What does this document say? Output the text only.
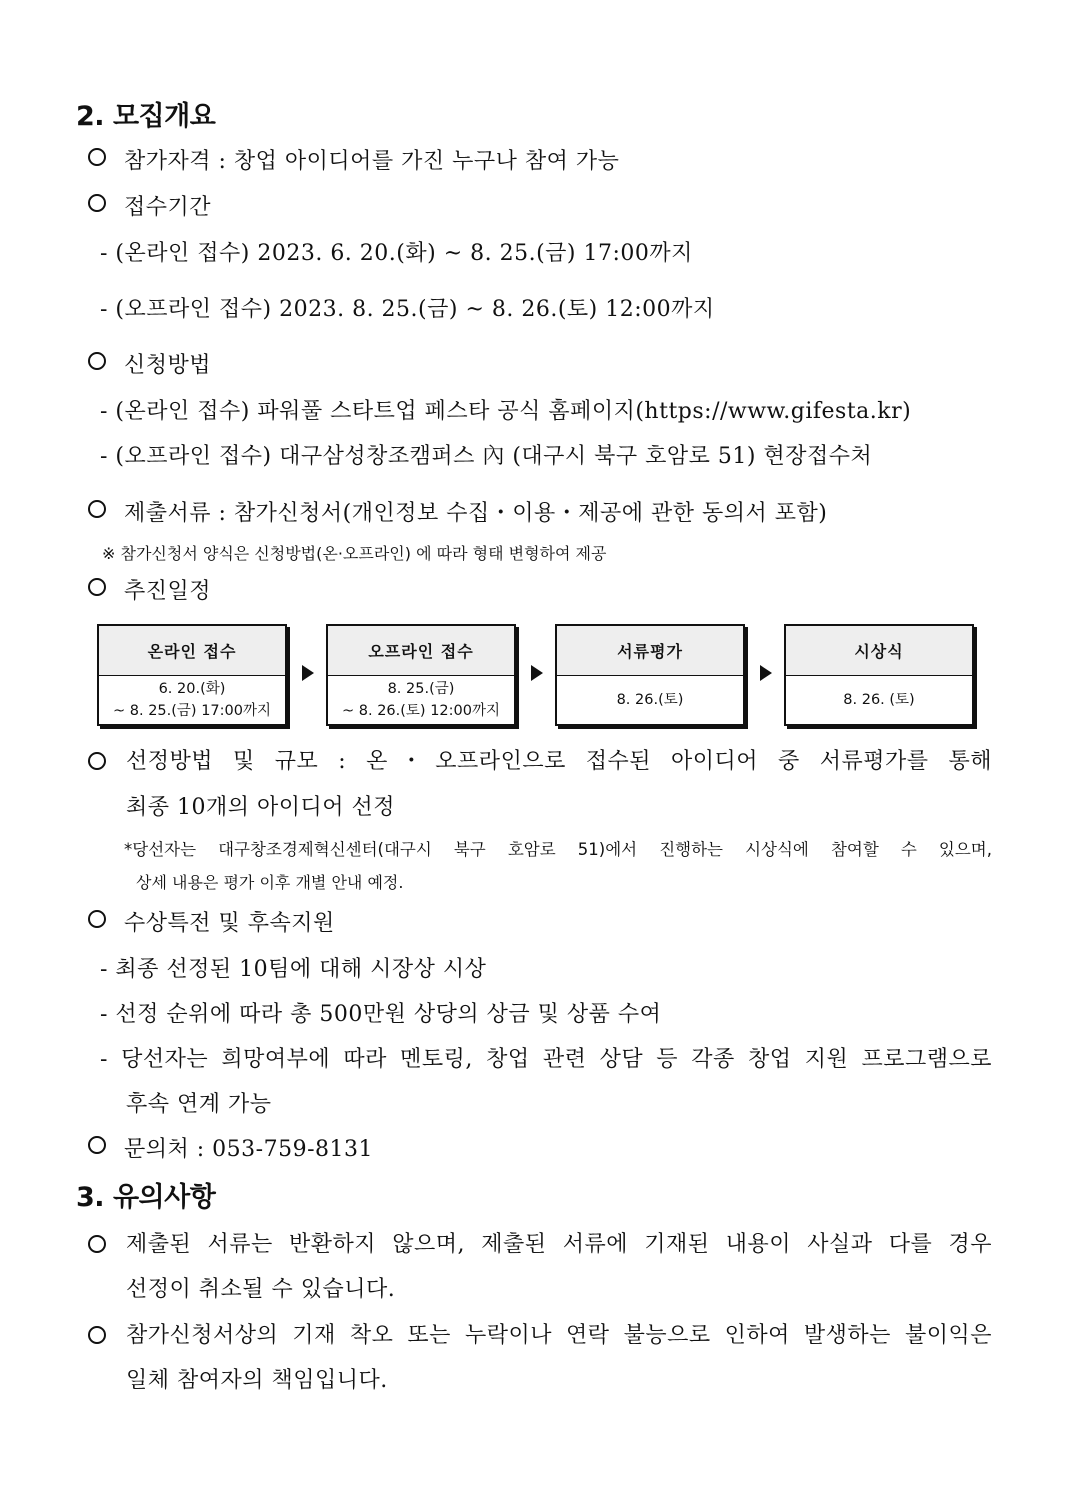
2. 모집개요
참가자격 : 창업 아이디어를 가진 누구나 참여 가능
접수기간
- (온라인 접수) 2023. 6. 20.(화) ~ 8. 25.(금) 17:00까지
- (오프라인 접수) 2023. 8. 25.(금) ~ 8. 26.(토) 12:00까지
신청방법
- (온라인 접수) 파워풀 스타트업 페스타 공식 홈페이지(https://www.gifesta.kr)
- (오프라인 접수) 대구삼성창조캠퍼스 內 (대구시 북구 호암로 51) 현장접수처
제출서류 : 참가신청서(개인정보 수집・이용・제공에 관한 동의서 포함)
※ 참가신청서 양식은 신청방법(온·오프라인) 에 따라 형태 변형하여 제공
추진일정
온라인 접수
6. 20.(화)
~ 8. 25.(금) 17:00까지
오프라인 접수
8. 25.(금)
~ 8. 26.(토) 12:00까지
서류평가
8. 26.(토)
시상식
8. 26. (토)
선정방법 및 규모 : 온・오프라인으로 접수된 아이디어 중 서류평가를 통해
최종 10개의 아이디어 선정
*당선자는 대구창조경제혁신센터(대구시 북구 호암로 51)에서 진행하는 시상식에 참여할 수 있으며,
상세 내용은 평가 이후 개별 안내 예정.
수상특전 및 후속지원
- 최종 선정된 10팀에 대해 시장상 시상
- 선정 순위에 따라 총 500만원 상당의 상금 및 상품 수여
- 당선자는 희망여부에 따라 멘토링, 창업 관련 상담 등 각종 창업 지원 프로그램으로
후속 연계 가능
문의처 : 053-759-8131
3. 유의사항
제출된 서류는 반환하지 않으며, 제출된 서류에 기재된 내용이 사실과 다를 경우
선정이 취소될 수 있습니다.
참가신청서상의 기재 착오 또는 누락이나 연락 불능으로 인하여 발생하는 불이익은
일체 참여자의 책임입니다.
